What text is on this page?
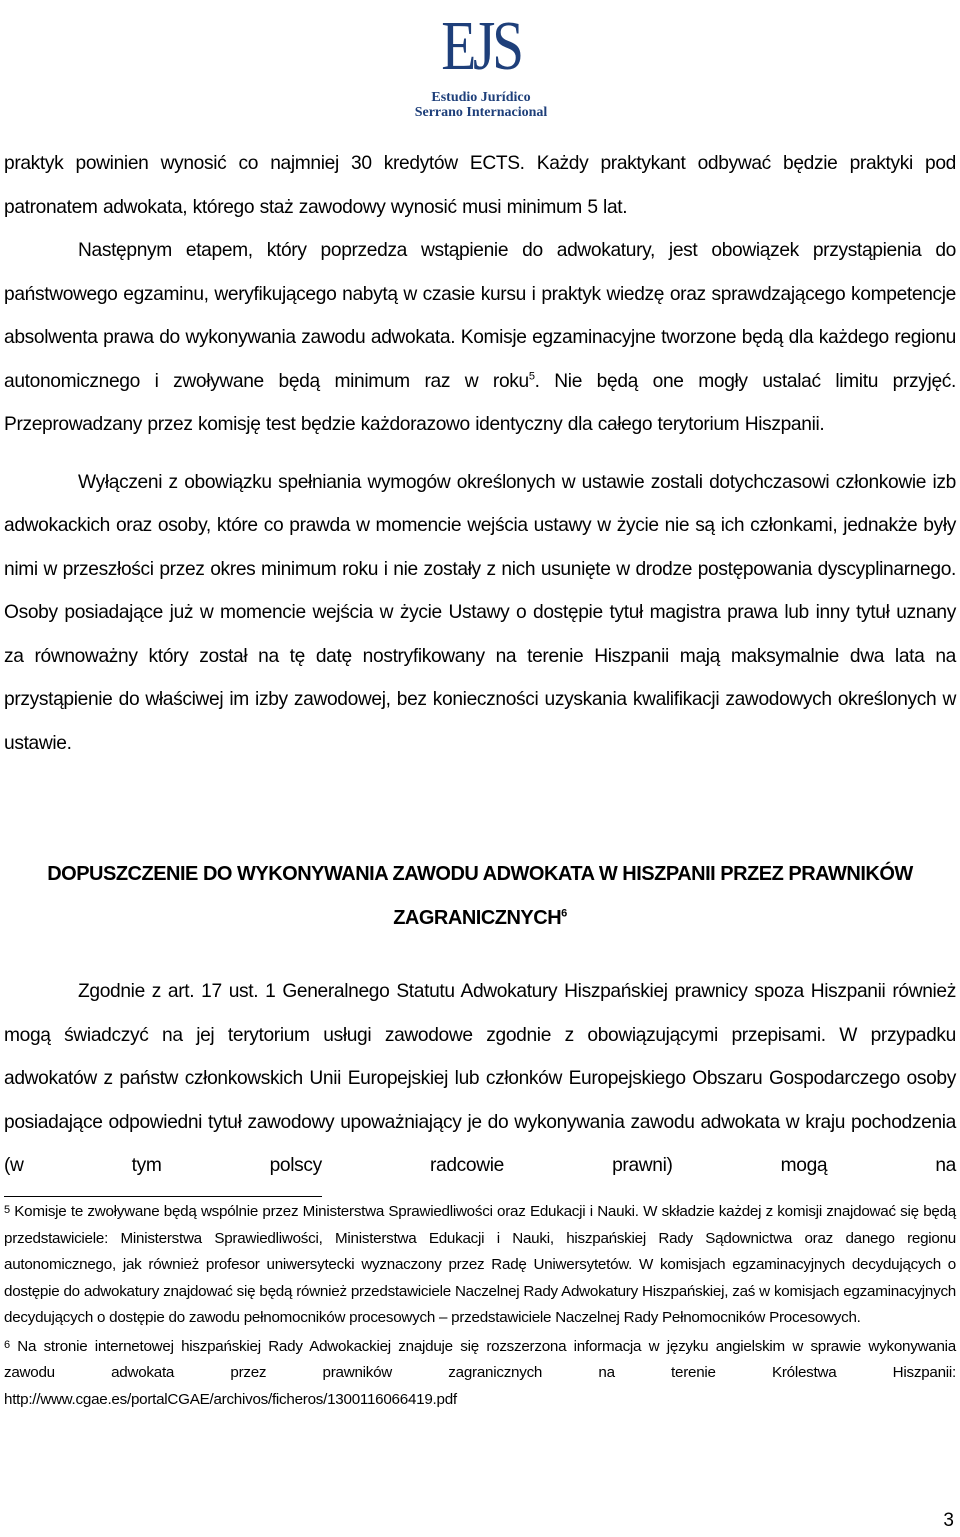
EJS
Estudio Jurídico
Serrano Internacional

praktyk powinien wynosić co najmniej 30 kredytów ECTS. Każdy praktykant odbywać będzie praktyki pod patronatem adwokata, którego staż zawodowy wynosić musi minimum 5 lat.

Następnym etapem, który poprzedza wstąpienie do adwokatury, jest obowiązek przystąpienia do państwowego egzaminu, weryfikującego nabytą w czasie kursu i praktyk wiedzę oraz sprawdzającego kompetencje absolwenta prawa do wykonywania zawodu adwokata. Komisje egzaminacyjne tworzone będą dla każdego regionu autonomicznego i zwoływane będą minimum raz w roku$^5$. Nie będą one mogły ustalać limitu przyjęć. Przeprowadzany przez komisję test będzie każdorazowo identyczny dla całego terytorium Hiszpanii.

Wyłączeni z obowiązku spełniania wymogów określonych w ustawie zostali dotychczasowi członkowie izb adwokackich oraz osoby, które co prawda w momencie wejścia ustawy w życie nie są ich członkami, jednakże były nimi w przeszłości przez okres minimum roku i nie zostały z nich usunięte w drodze postępowania dyscyplinarnego. Osoby posiadające już w momencie wejścia w życie Ustawy o dostępie tytuł magistra prawa lub inny tytuł uznany za równoważny który został na tę datę nostryfikowany na terenie Hiszpanii mają maksymalnie dwa lata na przystąpienie do właściwej im izby zawodowej, bez konieczności uzyskania kwalifikacji zawodowych określonych w ustawie.

DOPUSZCZENIE DO WYKONYWANIA ZAWODU ADWOKATA W HISZPANII PRZEZ PRAWNIKÓW ZAGRANICZNYCH$^6$

Zgodnie z art. 17 ust. 1 Generalnego Statutu Adwokatury Hiszpańskiej prawnicy spoza Hiszpanii również mogą świadczyć na jej terytorium usługi zawodowe zgodnie z obowiązującymi przepisami. W przypadku adwokatów z państw członkowskich Unii Europejskiej lub członków Europejskiego Obszaru Gospodarczego osoby posiadające odpowiedni tytuł zawodowy upoważniający je do wykonywania zawodu adwokata w kraju pochodzenia (w tym polscy radcowie prawni) mogą na

5 Komisje te zwoływane będą wspólnie przez Ministerstwa Sprawiedliwości oraz Edukacji i Nauki. W składzie każdej z komisji znajdować się będą przedstawiciele: Ministerstwa Sprawiedliwości, Ministerstwa Edukacji i Nauki, hiszpańskiej Rady Sądownictwa oraz danego regionu autonomicznego, jak również profesor uniwersytecki wyznaczony przez Radę Uniwersytetów. W komisjach egzaminacyjnych decydujących o dostępie do adwokatury znajdować się będą również przedstawiciele Naczelnej Rady Adwokatury Hiszpańskiej, zaś w komisjach egzaminacyjnych decydujących o dostępie do zawodu pełnomocników procesowych – przedstawiciele Naczelnej Rady Pełnomocników Procesowych.

6 Na stronie internetowej hiszpańskiej Rady Adwokackiej znajduje się rozszerzona informacja w języku angielskim w sprawie wykonywania zawodu adwokata przez prawników zagranicznych na terenie Królestwa Hiszpanii: http://www.cgae.es/portalCGAE/archivos/ficheros/1300116066419.pdf

3
